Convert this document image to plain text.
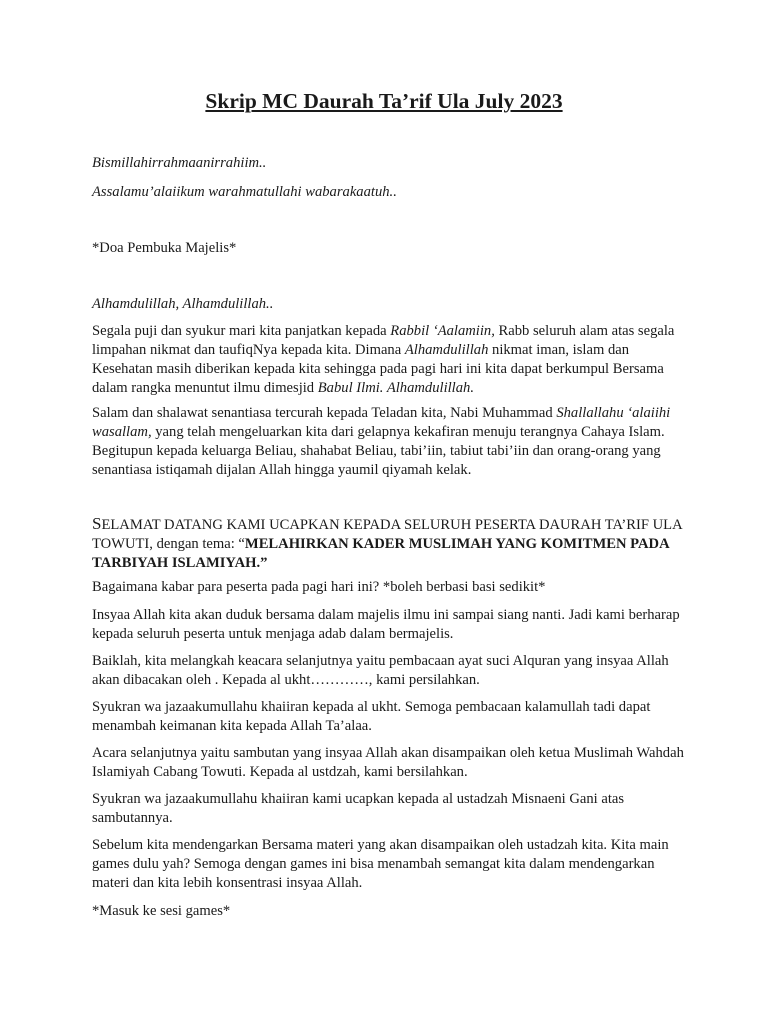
Skrip MC Daurah Ta’rif Ula July 2023

Bismillahirrahmaanirrahiim..

Assalamu’alaiikum warahmatullahi wabarakaatuh..

*Doa Pembuka Majelis*

Alhamdulillah, Alhamdulillah..

Segala puji dan syukur mari kita panjatkan kepada Rabbil ‘Aalamiin, Rabb seluruh alam atas segala limpahan nikmat dan taufiqNya kepada kita. Dimana Alhamdulillah nikmat iman, islam dan Kesehatan masih diberikan kepada kita sehingga pada pagi hari ini kita dapat berkumpul Bersama dalam rangka menuntut ilmu dimesjid Babul Ilmi. Alhamdulillah.

Salam dan shalawat senantiasa tercurah kepada Teladan kita, Nabi Muhammad Shallallahu ‘alaiihi wasallam, yang telah mengeluarkan kita dari gelapnya kekafiran menuju terangnya Cahaya Islam. Begitupun kepada keluarga Beliau, shahabat Beliau, tabi’iin, tabiut tabi’iin dan orang-orang yang senantiasa istiqamah dijalan Allah hingga yaumil qiyamah kelak.

SELAMAT DATANG KAMI UCAPKAN KEPADA SELURUH PESERTA DAURAH TA’RIF ULA TOWUTI, dengan tema: “MELAHIRKAN KADER MUSLIMAH YANG KOMITMEN PADA TARBIYAH ISLAMIYAH.”

Bagaimana kabar para peserta pada pagi hari ini? *boleh berbasi basi sedikit*

Insyaa Allah kita akan duduk bersama dalam majelis ilmu ini sampai siang nanti. Jadi kami berharap kepada seluruh peserta untuk menjaga adab dalam bermajelis.

Baiklah, kita melangkah keacara selanjutnya yaitu pembacaan ayat suci Alquran yang insyaa Allah akan dibacakan oleh . Kepada al ukht…………, kami persilahkan.

Syukran wa jazaakumullahu khaiiran kepada al ukht. Semoga pembacaan kalamullah tadi dapat menambah keimanan kita kepada Allah Ta’alaa.

Acara selanjutnya yaitu sambutan yang insyaa Allah akan disampaikan oleh ketua Muslimah Wahdah Islamiyah Cabang Towuti. Kepada al ustdzah, kami bersilahkan.

Syukran wa jazaakumullahu khaiiran kami ucapkan kepada al ustadzah Misnaeni Gani atas sambutannya.

Sebelum kita mendengarkan Bersama materi yang akan disampaikan oleh ustadzah kita. Kita main games dulu yah? Semoga dengan games ini bisa menambah semangat kita dalam mendengarkan materi dan kita lebih konsentrasi insyaa Allah.

*Masuk ke sesi games*
